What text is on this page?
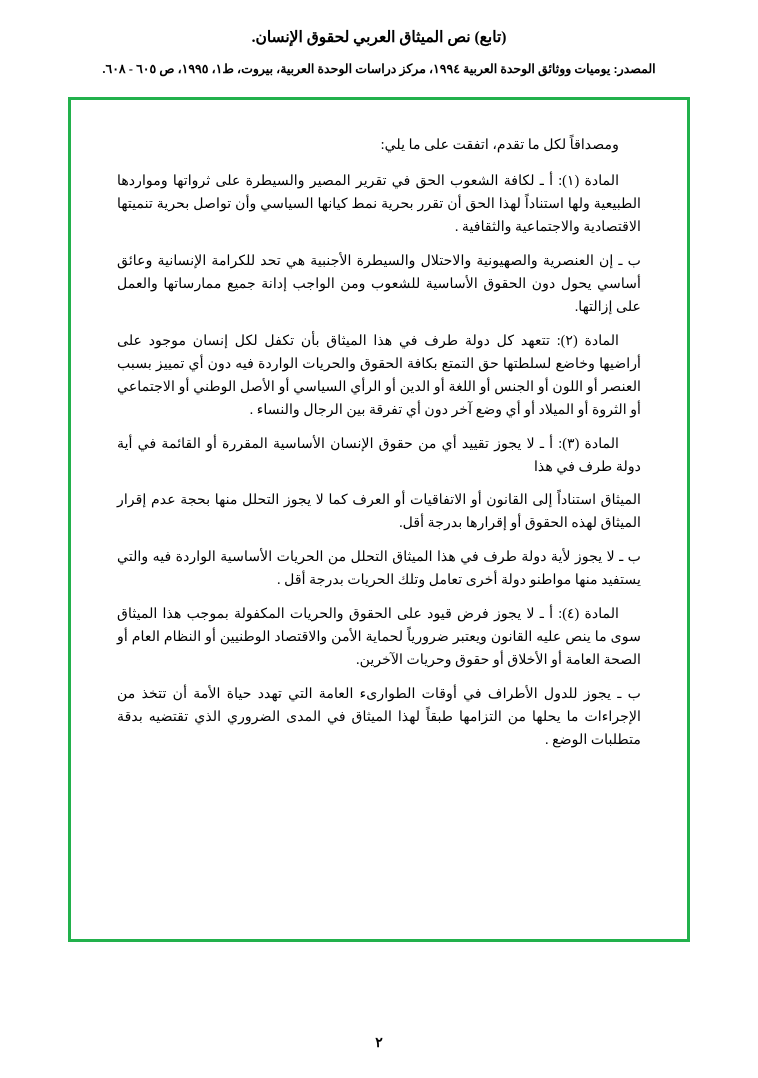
(تابع) نص الميثاق العربي لحقوق الإنسان.
المصدر: يوميات ووثائق الوحدة العربية ١٩٩٤، مركز دراسات الوحدة العربية، بيروت، ط١، ١٩٩٥، ص ٦٠٥ - ٦٠٨.

ومصداقاً لكل ما تقدم، اتفقت على ما يلي:

المادة (١): أ ـ لكافة الشعوب الحق في تقرير المصير والسيطرة على ثرواتها ومواردها الطبيعية ولها استناداً لهذا الحق أن تقرر بحرية نمط كيانها السياسي وأن تواصل بحرية تنميتها الاقتصادية والاجتماعية والثقافية .

ب ـ إن العنصرية والصهيونية والاحتلال والسيطرة الأجنبية هي تحد للكرامة الإنسانية وعائق أساسي يحول دون الحقوق الأساسية للشعوب ومن الواجب إدانة جميع ممارساتها والعمل على إزالتها.

المادة (٢): تتعهد كل دولة طرف في هذا الميثاق بأن تكفل لكل إنسان موجود على أراضيها وخاضع لسلطتها حق التمتع بكافة الحقوق والحريات الواردة فيه دون أي تمييز بسبب العنصر أو اللون أو الجنس أو اللغة أو الدين أو الرأي السياسي أو الأصل الوطني أو الاجتماعي أو الثروة أو الميلاد أو أي وضع آخر دون أي تفرقة بين الرجال والنساء .

المادة (٣): أ ـ لا يجوز تقييد أي من حقوق الإنسان الأساسية المقررة أو القائمة في أية دولة طرف في هذا

الميثاق استناداً إلى القانون أو الاتفاقيات أو العرف كما لا يجوز التحلل منها بحجة عدم إقرار الميثاق لهذه الحقوق أو إقرارها بدرجة أقل.

ب ـ لا يجوز لأية دولة طرف في هذا الميثاق التحلل من الحريات الأساسية الواردة فيه والتي يستفيد منها مواطنو دولة أخرى تعامل وتلك الحريات بدرجة أقل .

المادة (٤): أ ـ لا يجوز فرض قيود على الحقوق والحريات المكفولة بموجب هذا الميثاق سوى ما ينص عليه القانون ويعتبر ضرورياً لحماية الأمن والاقتصاد الوطنيين أو النظام العام أو الصحة العامة أو الأخلاق أو حقوق وحريات الآخرين.

ب ـ يجوز للدول الأطراف في أوقات الطوارىء العامة التي تهدد حياة الأمة أن تتخذ من الإجراءات ما يحلها من التزامها طبقاً لهذا الميثاق في المدى الضروري الذي تقتضيه بدقة متطلبات الوضع .

٢
